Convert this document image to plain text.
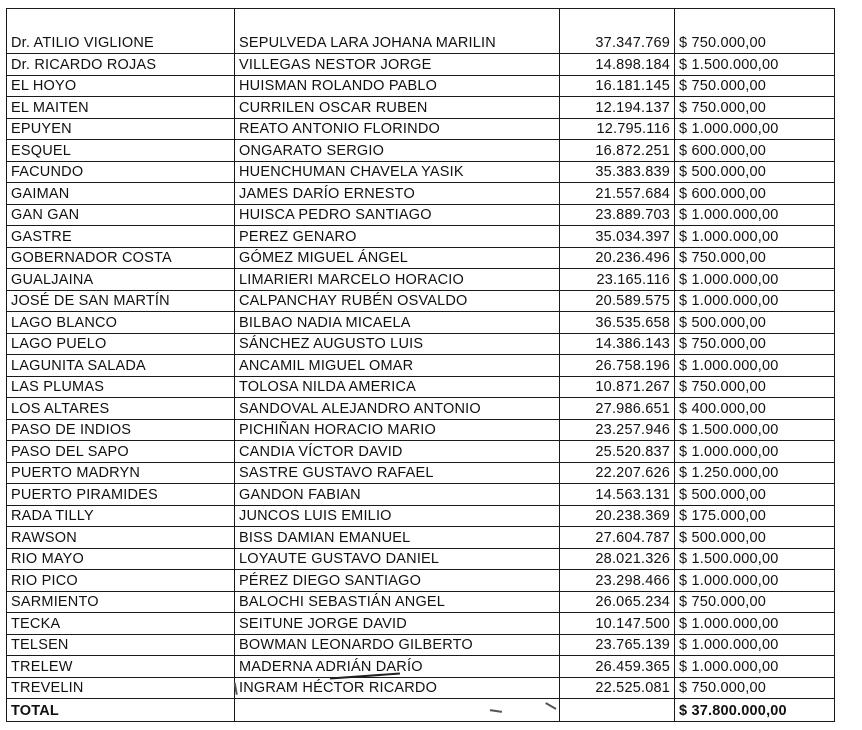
Dr. ATILIO VIGLIONE	SEPULVEDA LARA JOHANA MARILIN	37.347.769	$ 750.000,00
Dr. RICARDO ROJAS	VILLEGAS NESTOR JORGE	14.898.184	$ 1.500.000,00
EL HOYO	HUISMAN ROLANDO PABLO	16.181.145	$ 750.000,00
EL MAITEN	CURRILEN OSCAR RUBEN	12.194.137	$ 750.000,00
EPUYEN	REATO ANTONIO FLORINDO	12.795.116	$ 1.000.000,00
ESQUEL	ONGARATO SERGIO	16.872.251	$ 600.000,00
FACUNDO	HUENCHUMAN CHAVELA YASIK	35.383.839	$ 500.000,00
GAIMAN	JAMES DARÍO ERNESTO	21.557.684	$ 600.000,00
GAN GAN	HUISCA PEDRO SANTIAGO	23.889.703	$ 1.000.000,00
GASTRE	PEREZ GENARO	35.034.397	$ 1.000.000,00
GOBERNADOR COSTA	GÓMEZ MIGUEL ÁNGEL	20.236.496	$ 750.000,00
GUALJAINA	LIMARIERI MARCELO HORACIO	23.165.116	$ 1.000.000,00
JOSÉ DE SAN MARTÍN	CALPANCHAY RUBÉN OSVALDO	20.589.575	$ 1.000.000,00
LAGO BLANCO	BILBAO NADIA MICAELA	36.535.658	$ 500.000,00
LAGO PUELO	SÁNCHEZ AUGUSTO LUIS	14.386.143	$ 750.000,00
LAGUNITA SALADA	ANCAMIL MIGUEL OMAR	26.758.196	$ 1.000.000,00
LAS PLUMAS	TOLOSA NILDA AMERICA	10.871.267	$ 750.000,00
LOS ALTARES	SANDOVAL ALEJANDRO ANTONIO	27.986.651	$ 400.000,00
PASO DE INDIOS	PICHIÑAN HORACIO MARIO	23.257.946	$ 1.500.000,00
PASO DEL SAPO	CANDIA VÍCTOR DAVID	25.520.837	$ 1.000.000,00
PUERTO MADRYN	SASTRE GUSTAVO RAFAEL	22.207.626	$ 1.250.000,00
PUERTO PIRAMIDES	GANDON FABIAN	14.563.131	$ 500.000,00
RADA TILLY	JUNCOS LUIS EMILIO	20.238.369	$ 175.000,00
RAWSON	BISS DAMIAN EMANUEL	27.604.787	$ 500.000,00
RIO MAYO	LOYAUTE GUSTAVO DANIEL	28.021.326	$ 1.500.000,00
RIO PICO	PÉREZ DIEGO SANTIAGO	23.298.466	$ 1.000.000,00
SARMIENTO	BALOCHI SEBASTIÁN ANGEL	26.065.234	$ 750.000,00
TECKA	SEITUNE JORGE DAVID	10.147.500	$ 1.000.000,00
TELSEN	BOWMAN LEONARDO GILBERTO	23.765.139	$ 1.000.000,00
TRELEW	MADERNA ADRIÁN DARÍO	26.459.365	$ 1.000.000,00
TREVELIN	INGRAM HÉCTOR RICARDO	22.525.081	$ 750.000,00
TOTAL			$ 37.800.000,00
